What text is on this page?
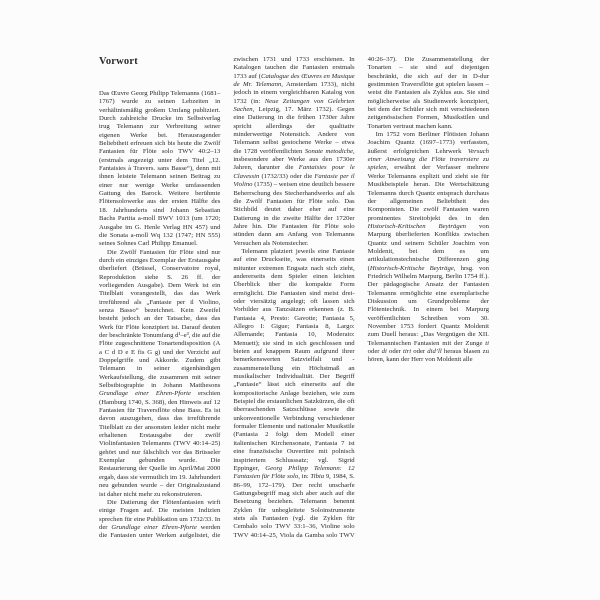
Vorwort

Das Œuvre Georg Philipp Telemanns (1681–1767) wurde zu seinen Lebzeiten in verhältnismäßig großem Umfang publiziert. Durch zahlreiche Drucke im Selbstverlag trug Telemann zur Verbreitung seiner eigenen Werke bei. Herausragender Beliebtheit erfreuen sich bis heute die Zwölf Fantasien für Flöte solo TWV 40:2–13 (erstmals angezeigt unter dem Titel „12. Fantaisies à Travers. sans Basse“), denn mit ihnen leistete Telemann seinen Beitrag zu einer nur wenige Werke umfassenden Gattung des Barock. Weitere berühmte Flötensolowerke aus der ersten Hälfte des 18. Jahrhunderts sind Johann Sebastian Bachs Partita a-moll BWV 1013 (um 1720; Ausgabe im G. Henle Verlag HN 457) und die Sonata a-moll Wq 132 (1747; HN 555) seines Sohnes Carl Philipp Emanuel.

Die Zwölf Fantasien für Flöte sind nur durch ein einziges Exemplar der Erstausgabe überliefert (Brüssel, Conservatoire royal, Reproduktion siehe S. 26 ff. der vorliegenden Ausgabe). Dem Werk ist ein Titelblatt vorangestellt, das das Werk irreführend als „Fantasie per il Violino, senza Basso“ bezeichnet. Kein Zweifel besteht jedoch an der Tatsache, dass das Werk für Flöte konzipiert ist. Darauf deuten der beschränkte Tonumfang d¹–e³, die auf die Flöte zugeschnittene Tonartendisposition (A a C d D e E fis G g) und der Verzicht auf Doppelgriffe und Akkorde. Zudem gibt Telemann in seiner eigenhändigen Werkaufstellung, die zusammen mit seiner Selbstbiographie in Johann Matthesons Grundlage einer Ehren-Pforte erschien (Hamburg 1740, S. 368), den Hinweis auf 12 Fantasien für Traversflöte ohne Bass. Es ist davon auszugehen, dass das irreführende Titelblatt zu der ansonsten leider nicht mehr erhaltenen Erstausgabe der zwölf Violinfantasien Telemanns (TWV 40:14–25) gehört und nur fälschlich vor das Brüsseler Exemplar gebunden wurde. Die Restaurierung der Quelle im April/Mai 2000 ergab, dass sie vermutlich im 19. Jahrhundert neu gebunden wurde – der Originalzustand ist daher nicht mehr zu rekonstruieren.

Die Datierung der Flötenfantasien wirft einige Fragen auf. Die meisten Indizien sprechen für eine Publikation um 1732/33. In der Grundlage einer Ehren-Pforte werden die Fantasien unter Werken aufgelistet, die zwischen 1731 und 1733 erschienen. In Katalogen tauchen die Fantasien erstmals 1733 auf (Catalogue des Œuvres en Musique de Mr. Telemann, Amsterdam 1733), nicht jedoch in einem vergleichbaren Katalog von 1732 (in: Neue Zeitungen von Gelehrten Sachen, Leipzig, 17. März 1732). Gegen eine Datierung in die frühen 1730er Jahre spricht allerdings der qualitativ minderwertige Notenstich. Andere von Telemann selbst gestochene Werke – etwa die 1728 veröffentlichten Sonate metodiche, insbesondere aber Werke aus den 1730er Jahren, darunter die Fantaisies pour le Clavessin (1732/33) oder die Fantasie per il Violino (1735) – weisen eine deutlich bessere Beherrschung des Stecherhandwerks auf als die Zwölf Fantasien für Flöte solo. Das Stichbild deutet daher eher auf eine Datierung in die zweite Hälfte der 1720er Jahre hin. Die Fantasien für Flöte solo stünden dann am Anfang von Telemanns Versuchen als Notenstecher.

Telemann platziert jeweils eine Fantasie auf eine Druckseite, was einerseits einen mitunter extremen Engsatz nach sich zieht, andererseits dem Spieler einen leichten Überblick über die kompakte Form ermöglicht. Die Fantasien sind meist drei- oder viersätzig angelegt; oft lassen sich Vorbilder aus Tanzsätzen erkennen (z. B. Fantasia 4, Presto: Gavotte; Fantasia 5, Allegro I: Gigue; Fantasia 8, Largo: Allemande; Fantasia 10, Moderato: Menuett); sie sind in sich geschlossen und bieten auf knappem Raum aufgrund ihrer bemerkenswerten Satzvielfalt und -zusammenstellung ein Höchstmaß an musikalischer Individualität. Der Begriff „Fantasie“ lässt sich einerseits auf die kompositorische Anlage beziehen, wie zum Beispiel die erstaunlichen Satzkürzen, die oft überraschenden Satzschlüsse sowie die unkonventionelle Verbindung verschiedener formaler Elemente und nationaler Musikstile (Fantasia 2 folgt dem Modell einer italienischen Kirchensonate, Fantasia 7 ist eine französische Ouvertüre mit polnisch inspiriertem Schlusssatz; vgl. Sigrid Eppinger, Georg Philipp Telemann: 12 Fantasien für Flöte solo, in: Tibia 9, 1984, S. 86–99, 172–179). Der recht unscharfe Gattungsbegriff mag sich aber auch auf die Besetzung beziehen. Telemann benennt Zyklen für unbegleitete Soloinstrumente stets als Fantasien (vgl. die Zyklen für Cembalo solo TWV 33:1–36, Violine solo TWV 40:14–25, Viola da Gamba solo TWV 40:26–37). Die Zusammenstellung der Tonarten – sie sind auf diejenigen beschränkt, die sich auf der in D-dur gestimmten Traversflöte gut spielen lassen – weist die Fantasien als Zyklus aus. Sie sind möglicherweise als Studienwerk konzipiert, bei dem der Schüler sich mit verschiedenen zeitgenössischen Formen, Musikstilen und Tonarten vertraut machen kann.

Im 1752 vom Berliner Flötisten Johann Joachim Quantz (1697–1773) verfassten, äußerst erfolgreichen Lehrwerk Versuch einer Anweisung die Flöte traversiere zu spielen, erwähnt der Verfasser mehrere Werke Telemanns explizit und zieht sie für Musikbeispiele heran. Die Wertschätzung Telemanns durch Quantz entsprach durchaus der allgemeinen Beliebtheit des Komponisten. Die zwölf Fantasien waren prominentes Streitobjekt des in den Historisch-Kritischen Beyträgen von Marpurg überlieferten Konflikts zwischen Quantz und seinem Schüler Joachim von Moldenit, bei dem es um artikulationstechnische Differenzen ging (Historisch-Kritische Beyträge, hrsg. von Friedrich Wilhelm Marpurg, Berlin 1754 ff.). Der pädagogische Ansatz der Fantasien Telemanns ermöglichte eine exemplarische Diskussion um Grundprobleme der Flötentechnik. In einem bei Marpurg veröffentlichten Schreiben vom 30. November 1753 fordert Quantz Moldenit zum Duell heraus: „Das Vergnügen die XII. Telemannischen Fantasien mit der Zunge ti oder di oder tiri oder did’ll heraus blasen zu hören, kann der Herr von Moldenit alle
